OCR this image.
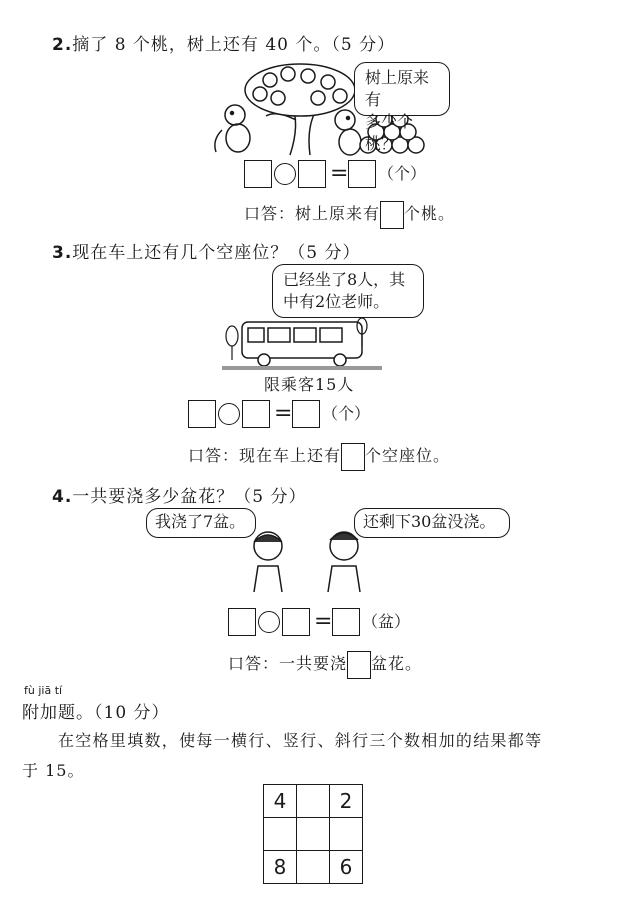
2.摘了 8 个桃，树上还有 40 个。（5 分）
树上原来有
多少个桃？
= （个）
口答：树上原来有 个桃。
3.现在车上还有几个空座位？（5 分）
已经坐了8人，其
中有2位老师。
限乘客15人
= （个）
口答：现在车上还有 个空座位。
4.一共要浇多少盆花？（5 分）
我浇了7盆。	还剩下30盆没浇。
= （盆）
口答：一共要浇 盆花。
fù jiā tí
附加题。（10 分）
在空格里填数，使每一横行、竖行、斜行三个数相加的结果都等
于 15。
4		2

8		6
